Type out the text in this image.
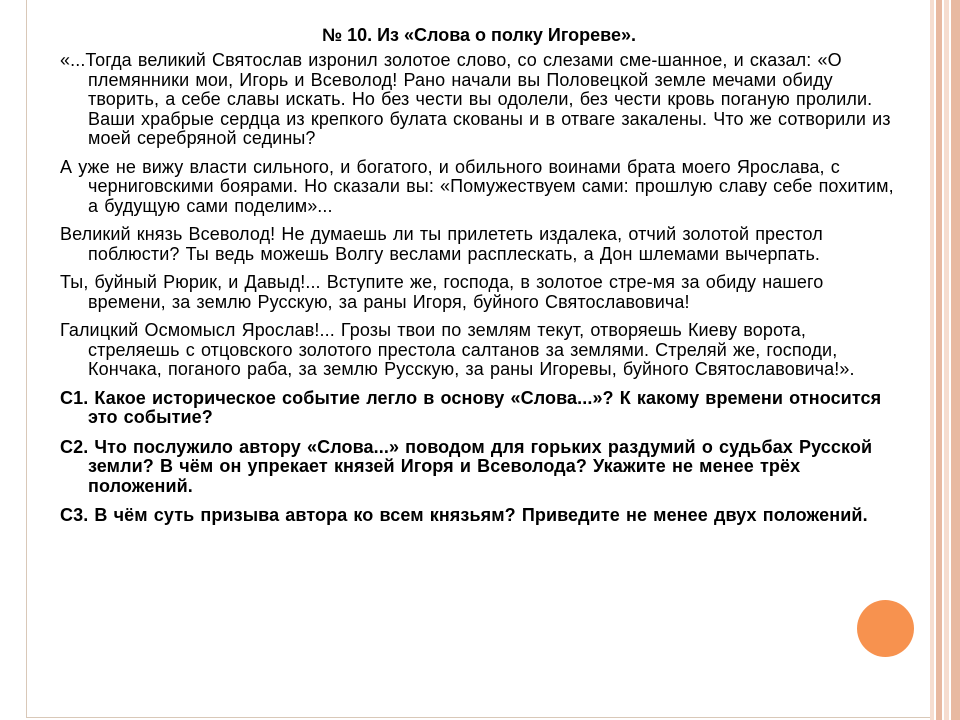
№ 10. Из «Слова о полку Игореве».

«...Тогда великий Святослав изронил золотое слово, со слезами сме-шанное, и сказал: «О племянники мои, Игорь и Всеволод! Рано начали вы Половецкой земле мечами обиду творить, а себе славы искать. Но без чести вы одолели, без чести кровь поганую пролили. Ваши храбрые сердца из крепкого булата скованы и в отваге закалены. Что же сотворили из моей серебряной седины?

А уже не вижу власти сильного, и богатого, и обильного воинами брата моего Ярослава, с черниговскими боярами. Но сказали вы: «Помужествуем сами: прошлую славу себе похитим, а будущую сами поделим»...

Великий князь Всеволод! Не думаешь ли ты прилететь издалека, отчий золотой престол поблюсти? Ты ведь можешь Волгу веслами расплескать, а Дон шлемами вычерпать.

Ты, буйный Рюрик, и Давыд!... Вступите же, господа, в золотое стре-мя за обиду нашего времени, за землю Русскую, за раны Игоря, буйного Святославовича!

Галицкий Осмомысл Ярослав!... Грозы твои по землям текут, отворяешь Киеву ворота, стреляешь с отцовского золотого престола салтанов за землями. Стреляй же, господи, Кончака, поганого раба, за землю Русскую, за раны Игоревы, буйного Святославовича!».

С1. Какое историческое событие легло в основу «Слова...»? К какому времени относится это событие?

С2. Что послужило автору «Слова...» поводом для горьких раздумий о судьбах Русской земли? В чём он упрекает князей Игоря и Всеволода? Укажите не менее трёх положений.

С3. В чём суть призыва автора ко всем князьям? Приведите не менее двух положений.
